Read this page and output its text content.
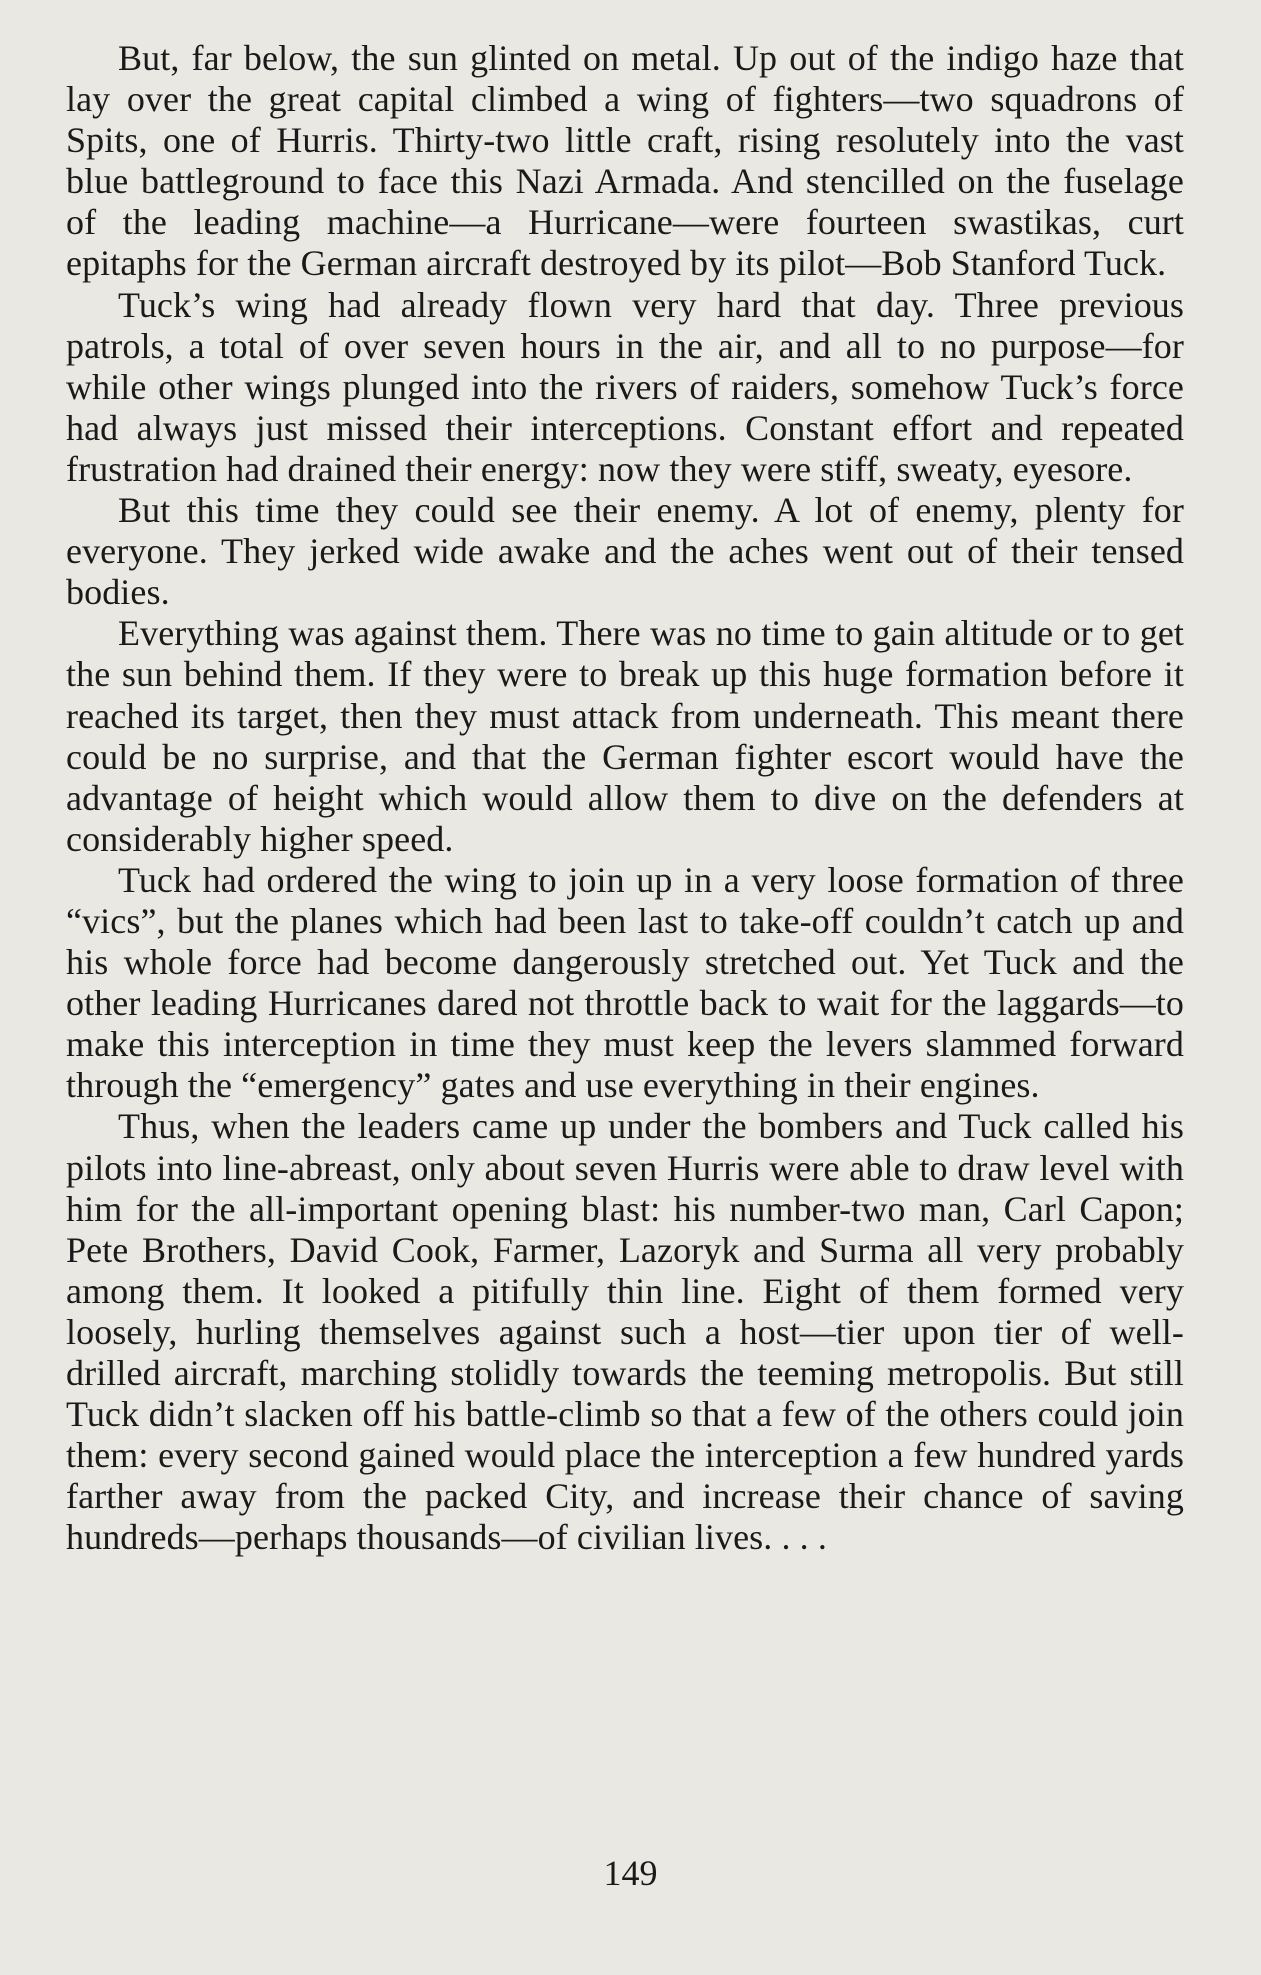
But, far below, the sun glinted on metal. Up out of the indigo haze that lay over the great capital climbed a wing of fighters—two squadrons of Spits, one of Hurris. Thirty-two little craft, rising resolutely into the vast blue battleground to face this Nazi Armada. And stencilled on the fuselage of the leading machine—a Hurricane—were fourteen swastikas, curt epitaphs for the German aircraft destroyed by its pilot—Bob Stanford Tuck.

Tuck’s wing had already flown very hard that day. Three previous patrols, a total of over seven hours in the air, and all to no purpose—for while other wings plunged into the rivers of raiders, somehow Tuck’s force had always just missed their interceptions. Constant effort and repeated frustration had drained their energy: now they were stiff, sweaty, eyesore.

But this time they could see their enemy. A lot of enemy, plenty for everyone. They jerked wide awake and the aches went out of their tensed bodies.

Everything was against them. There was no time to gain altitude or to get the sun behind them. If they were to break up this huge formation before it reached its target, then they must attack from underneath. This meant there could be no surprise, and that the German fighter escort would have the advantage of height which would allow them to dive on the defenders at considerably higher speed.

Tuck had ordered the wing to join up in a very loose formation of three “vics”, but the planes which had been last to take-off couldn’t catch up and his whole force had become dangerously stretched out. Yet Tuck and the other leading Hurricanes dared not throttle back to wait for the laggards—to make this interception in time they must keep the levers slammed forward through the “emergency” gates and use everything in their engines.

Thus, when the leaders came up under the bombers and Tuck called his pilots into line-abreast, only about seven Hurris were able to draw level with him for the all-important opening blast: his number-two man, Carl Capon; Pete Brothers, David Cook, Farmer, Lazoryk and Surma all very probably among them. It looked a pitifully thin line. Eight of them formed very loosely, hurling themselves against such a host—tier upon tier of well-drilled aircraft, marching stolidly towards the teeming metropolis. But still Tuck didn’t slacken off his battle-climb so that a few of the others could join them: every second gained would place the interception a few hundred yards farther away from the packed City, and increase their chance of saving hundreds—perhaps thousands—of civilian lives. . . .

149
